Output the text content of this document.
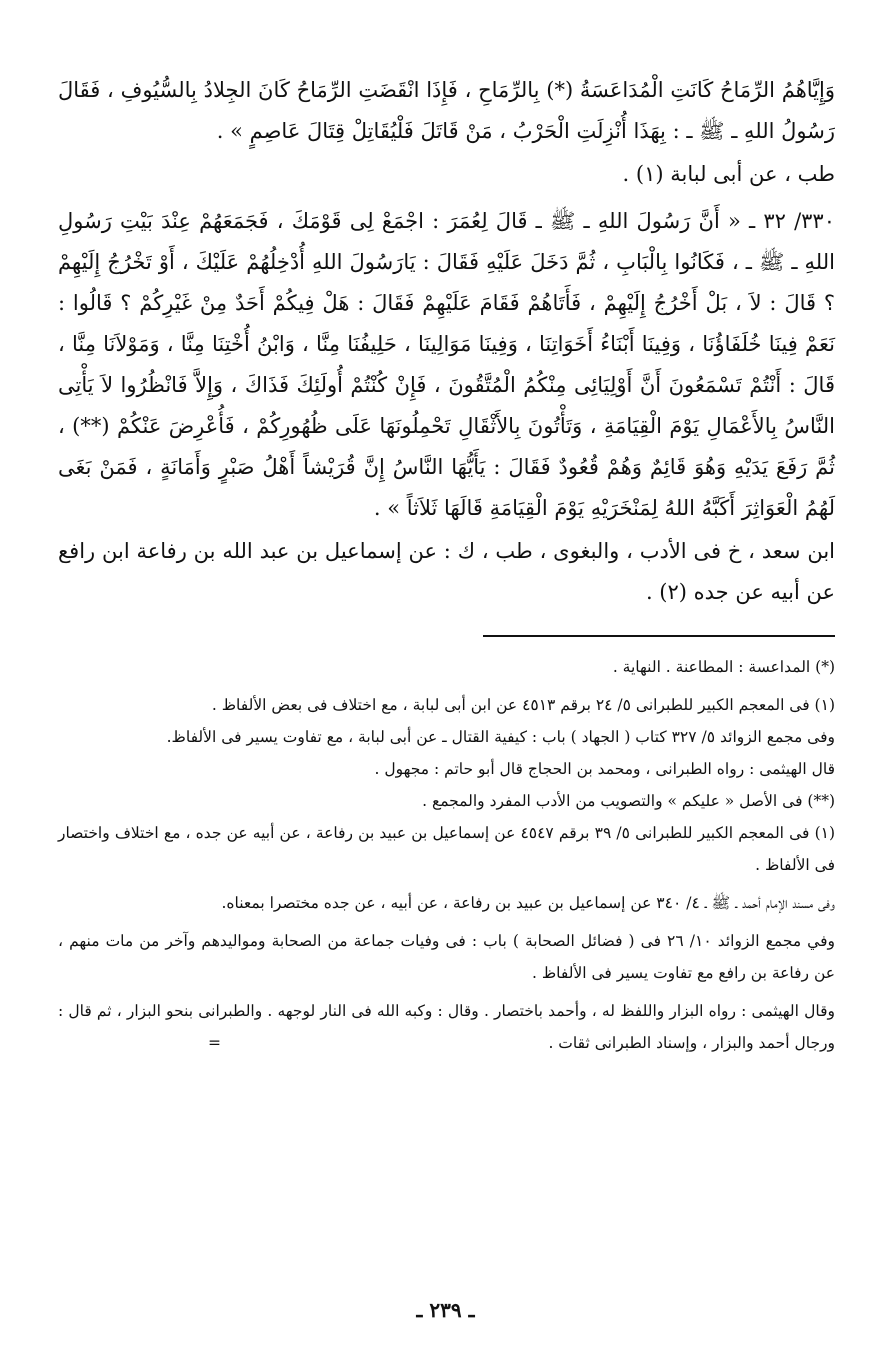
وَإِيَّاهُمُ الرِّمَاحُ كَانَتِ الْمُدَاعَسَةُ (*) بِالرِّمَاحِ ، فَإِذَا انْقَضَتِ الرِّمَاحُ كَانَ الجِلادُ بِالسُّيُوفِ ، فَقَالَ رَسُولُ اللهِ ـ ﷺ ـ : بِهَذَا أُنْزِلَتِ الْحَرْبُ ، مَنْ قَاتَلَ فَلْيُقَاتِلْ قِتَالَ عَاصِمٍ » .

طب ، عن أبى لبابة (١) .

٣٣٠/ ٣٢ ـ « أَنَّ رَسُولَ اللهِ ـ ﷺ ـ قَالَ لِعُمَرَ : اجْمَعْ لِى قَوْمَكَ ، فَجَمَعَهُمْ عِنْدَ بَيْتِ رَسُولِ اللهِ ـ ﷺ ـ ، فَكَانُوا بِالْبَابِ ، ثُمَّ دَخَلَ عَلَيْهِ فَقَالَ : يَارَسُولَ اللهِ أُدْخِلُهُمْ عَلَيْكَ ، أَوْ تَخْرُجُ إِلَيْهِمْ ؟ قَالَ : لاَ ، بَلْ أَخْرُجُ إِلَيْهِمْ ، فَأَتَاهُمْ فَقَامَ عَلَيْهِمْ فَقَالَ : هَلْ فِيكُمْ أَحَدٌ مِنْ غَيْرِكُمْ ؟ قَالُوا : نَعَمْ فِينَا خُلَفَاؤُنَا ، وَفِينَا أَبْنَاءُ أَخَوَاتِنَا ، وَفِينَا مَوَالِينَا ، حَلِيفُنَا مِنَّا ، وَابْنُ أُخْتِنَا مِنَّا ، وَمَوْلاَنَا مِنَّا ، قَالَ : أَنْتُمْ تَسْمَعُونَ أَنَّ أَوْلِيَائِى مِنْكُمُ الْمُتَّقُونَ ، فَإِنْ كُنْتُمْ أُولَئِكَ فَذَاكَ ، وَإِلاَّ فَانْظُرُوا لاَ يَأْتِى النَّاسُ بِالأَعْمَالِ يَوْمَ الْقِيَامَةِ ، وَتَأْتُونَ بِالأَثْقَالِ تَحْمِلُونَهَا عَلَى ظُهُورِكُمْ ، فَأُعْرِضَ عَنْكُمْ (**) ، ثُمَّ رَفَعَ يَدَيْهِ وَهُوَ قَائِمٌ وَهُمْ قُعُودٌ فَقَالَ : يَأَيُّهَا النَّاسُ إِنَّ قُرَيْشاً أَهْلُ صَبْرٍ وَأَمَانَةٍ ، فَمَنْ بَغَى لَهُمُ الْعَوَاثِرَ أَكَبَّهُ اللهُ لِمَنْخَرَيْهِ يَوْمَ الْقِيَامَةِ قَالَهَا ثَلاَثاً » .

ابن سعد ، خ فى الأدب ، والبغوى ، طب ، ك : عن إسماعيل بن عبد الله بن رفاعة ابن رافع عن أبيه عن جده (٢) .

(*) المداعسة : المطاعنة . النهاية .

(١) فى المعجم الكبير للطبرانى ٥/ ٢٤ برقم ٤٥١٣ عن ابن أبى لبابة ، مع اختلاف فى بعض الألفاظ .

وفى مجمع الزوائد ٥/ ٣٢٧ كتاب ( الجهاد ) باب : كيفية القتال ـ عن أبى لبابة ، مع تفاوت يسير فى الألفاظ.

قال الهيثمى : رواه الطبرانى ، ومحمد بن الحجاج قال أبو حاتم : مجهول .

(**) فى الأصل « عليكم » والتصويب من الأدب المفرد والمجمع .

(١) فى المعجم الكبير للطبرانى ٥/ ٣٩ برقم ٤٥٤٧ عن إسماعيل بن عبيد بن رفاعة ، عن أبيه عن جده ، مع اختلاف واختصار فى الألفاظ .

وفى مسند الإمام أحمد ـ ﷺ ـ ٤/ ٣٤٠ عن إسماعيل بن عبيد بن رفاعة ، عن أبيه ، عن جده مختصرا بمعناه.

وفي مجمع الزوائد ١٠/ ٢٦ فى ( فضائل الصحابة ) باب : فى وفيات جماعة من الصحابة ومواليدهم وآخر من مات منهم ، عن رفاعة بن رافع مع تفاوت يسير فى الألفاظ .

وقال الهيثمى : رواه البزار واللفظ له ، وأحمد باختصار . وقال : وكبه الله فى النار لوجهه . والطبرانى بنحو البزار ، ثم قال : ورجال أحمد والبزار ، وإسناد الطبرانى ثقات .
=

ـ ٢٣٩ ـ
